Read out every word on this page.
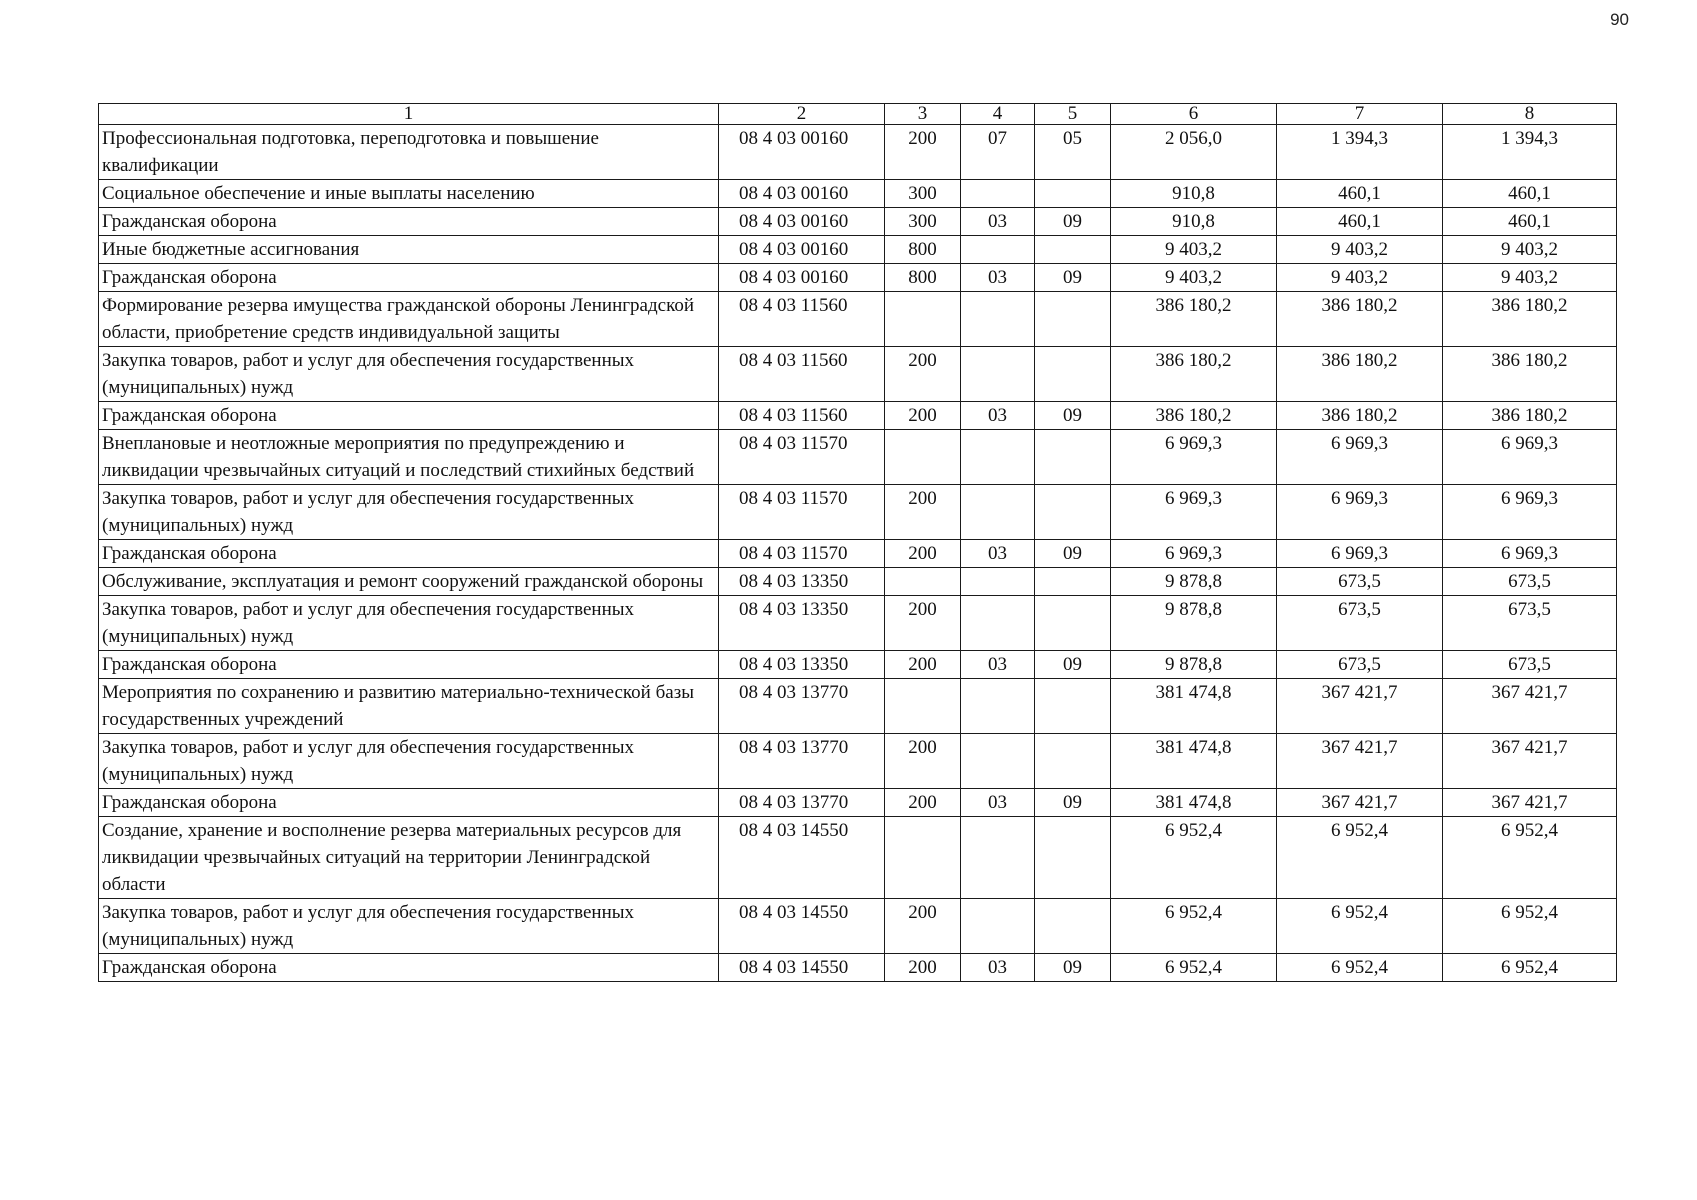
90
1	2	3	4	5	6	7	8
Профессиональная подготовка, переподготовка и повышение квалификации	08 4 03 00160	200	07	05	2 056,0	1 394,3	1 394,3
Социальное обеспечение и иные выплаты населению	08 4 03 00160	300			910,8	460,1	460,1
Гражданская оборона	08 4 03 00160	300	03	09	910,8	460,1	460,1
Иные бюджетные ассигнования	08 4 03 00160	800			9 403,2	9 403,2	9 403,2
Гражданская оборона	08 4 03 00160	800	03	09	9 403,2	9 403,2	9 403,2
Формирование резерва имущества гражданской обороны Ленинградской области, приобретение средств индивидуальной защиты	08 4 03 11560				386 180,2	386 180,2	386 180,2
Закупка товаров, работ и услуг для обеспечения государственных (муниципальных) нужд	08 4 03 11560	200			386 180,2	386 180,2	386 180,2
Гражданская оборона	08 4 03 11560	200	03	09	386 180,2	386 180,2	386 180,2
Внеплановые и неотложные мероприятия по предупреждению и ликвидации чрезвычайных ситуаций и последствий стихийных бедствий	08 4 03 11570				6 969,3	6 969,3	6 969,3
Закупка товаров, работ и услуг для обеспечения государственных (муниципальных) нужд	08 4 03 11570	200			6 969,3	6 969,3	6 969,3
Гражданская оборона	08 4 03 11570	200	03	09	6 969,3	6 969,3	6 969,3
Обслуживание, эксплуатация и ремонт сооружений гражданской обороны	08 4 03 13350				9 878,8	673,5	673,5
Закупка товаров, работ и услуг для обеспечения государственных (муниципальных) нужд	08 4 03 13350	200			9 878,8	673,5	673,5
Гражданская оборона	08 4 03 13350	200	03	09	9 878,8	673,5	673,5
Мероприятия по сохранению и развитию материально-технической базы государственных учреждений	08 4 03 13770				381 474,8	367 421,7	367 421,7
Закупка товаров, работ и услуг для обеспечения государственных (муниципальных) нужд	08 4 03 13770	200			381 474,8	367 421,7	367 421,7
Гражданская оборона	08 4 03 13770	200	03	09	381 474,8	367 421,7	367 421,7
Создание, хранение и восполнение резерва материальных ресурсов для ликвидации чрезвычайных ситуаций на территории Ленинградской области	08 4 03 14550				6 952,4	6 952,4	6 952,4
Закупка товаров, работ и услуг для обеспечения государственных (муниципальных) нужд	08 4 03 14550	200			6 952,4	6 952,4	6 952,4
Гражданская оборона	08 4 03 14550	200	03	09	6 952,4	6 952,4	6 952,4
